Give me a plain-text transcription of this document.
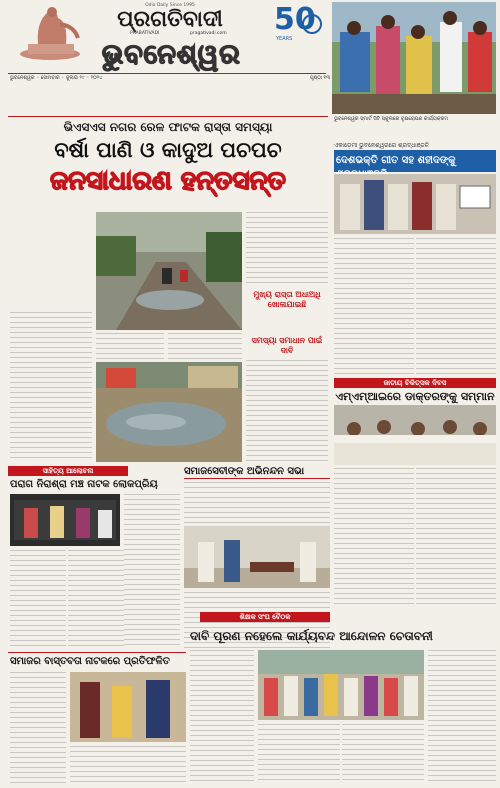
Odia Daily Since 1995
ପ୍ରଗତିବାଦୀ
PRABATIVADI	pragativadi.com	50
YEARS
ଭୁବନେଶ୍ୱର
ଭୁବନେଶ୍ୱର ◦ ସୋମବାର ◦ ଜୁଲାଇ ୨୯ ◦ ୨୦୨୪	ପୃଷ୍ଠା ୧୩
ଭୁବନେଶ୍ୱର ସ୍ମାର୍ଟ ସିଟି ସ୍କୁଲରେ ବୃକ୍ଷରୋପଣ କାର୍ଯ୍ୟକ୍ରମ
ଭିଏସଏସ ନଗର ରେଳ ଫାଟକ ରାସ୍ତା ସମସ୍ୟା
ବର୍ଷା ପାଣି ଓ କାଦୁଅ ପଚପଚ
ଜନସାଧାରଣ ହନ୍ତସନ୍ତ
ମୁଖ୍ୟ ରାସ୍ତା ଅଧାଅଧି ଖୋଳାଯାଇଛି
ସମସ୍ୟା ସମାଧାନ ପାଇଁ ଦାବି
ଏକାଡ଼େମୀ ଭୁବନେଶ୍ୱରରେ ଶ୍ରଦ୍ଧାଞ୍ଜଳି
ଦେଶଭକ୍ତି ଗୀତ ସହ ଶହୀଦଙ୍କୁ
ଜାତୀୟ ଚିକିତ୍ସକ ଦିବସ
ଏମ୍‌ଏମ୍‌ଆଇରେ ଡାକ୍ତରଙ୍କୁ ସମ୍ମାନ
ସାହିତ୍ୟ ଆଲୋଚନା
ପରାଗ ନିରାଶ୍ରା ମଞ୍ଚ ନାଟକ ଲୋକପ୍ରିୟ
ସମାଜସେବୀଙ୍କ ଅଭିନନ୍ଦନ ସଭା
ସମାଜର ବାସ୍ତବତା ନାଟକରେ ପ୍ରତିଫଳିତ
ଶିକ୍ଷକ ସଂଘ ବୈଠକ
ଦାବି ପୂରଣ ନହେଲେ କାର୍ଯ୍ୟବନ୍ଦ ଆନ୍ଦୋଳନ ଚେତାବନୀ
